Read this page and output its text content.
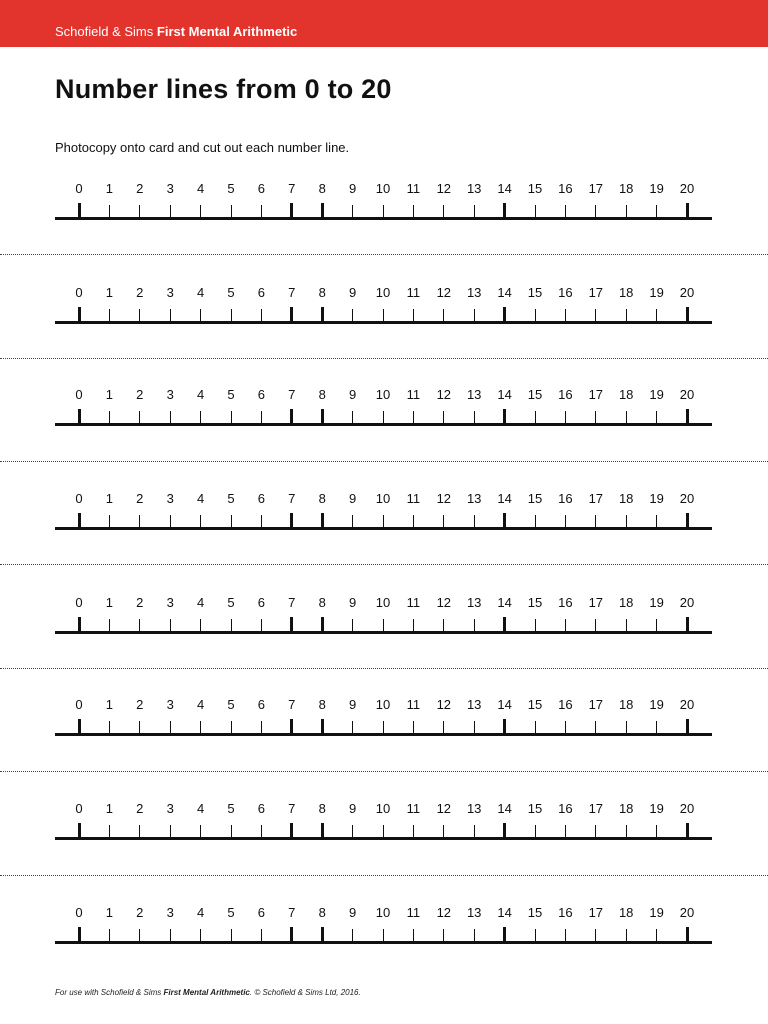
Schofield & Sims First Mental Arithmetic
Number lines from 0 to 20
Photocopy onto card and cut out each number line.
0 1 2 3 4 5 6 7 8 9 10 11 12 13 14 15 16 17 18 19 20
0 1 2 3 4 5 6 7 8 9 10 11 12 13 14 15 16 17 18 19 20
0 1 2 3 4 5 6 7 8 9 10 11 12 13 14 15 16 17 18 19 20
0 1 2 3 4 5 6 7 8 9 10 11 12 13 14 15 16 17 18 19 20
0 1 2 3 4 5 6 7 8 9 10 11 12 13 14 15 16 17 18 19 20
0 1 2 3 4 5 6 7 8 9 10 11 12 13 14 15 16 17 18 19 20
0 1 2 3 4 5 6 7 8 9 10 11 12 13 14 15 16 17 18 19 20
0 1 2 3 4 5 6 7 8 9 10 11 12 13 14 15 16 17 18 19 20
For use with Schofield & Sims First Mental Arithmetic. © Schofield & Sims Ltd, 2016.
